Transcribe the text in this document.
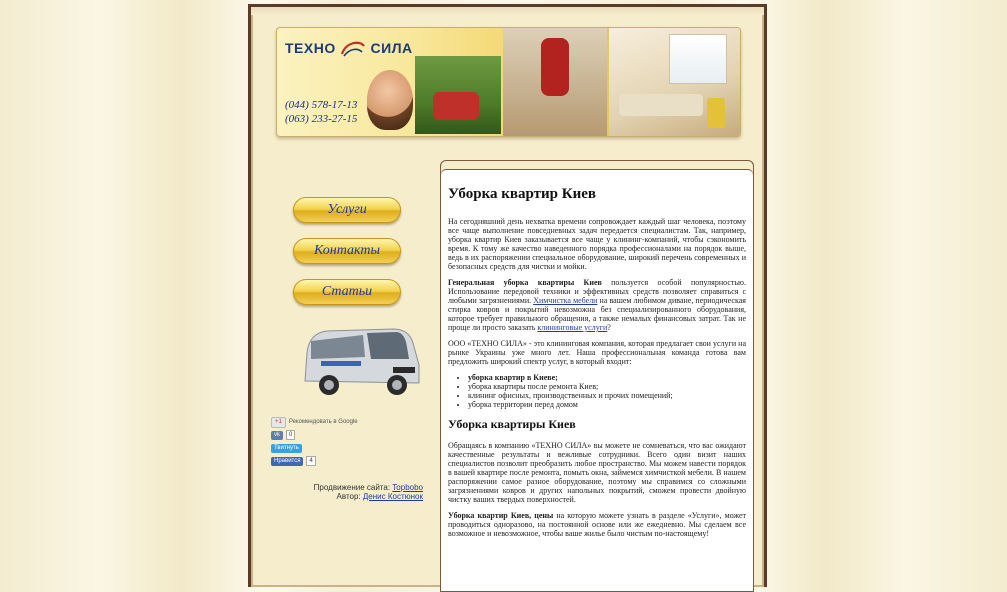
ТЕХНО СИЛА
(044) 578-17-13
(063) 233-27-15
Услуги
Контакты
Статьи
+1	Рекомендовать в Google
vk	0
Твитнуть
Нравится	4
Продвижение сайта: Topbobo
Автор: Денис Костюнок
Уборка квартир Киев

На сегодняшний день нехватка времени сопровождает каждый шаг человека, поэтому все чаще выполнение повседневных задач передается специалистам. Так, например, уборка квартир Киев заказывается все чаще у клининг-компаний, чтобы сэкономить время. К тому же качество наведенного порядка профессионалами на порядок выше, ведь в их распоряжении специальное оборудование, широкий перечень современных и безопасных средств для чистки и мойки.

Генеральная уборка квартиры Киев пользуется особой популярностью. Использование передовой техники и эффективных средств позволяет справиться с любыми загрязнениями. Химчистка мебели на вашем любимом диване, периодическая стирка ковров и покрытий невозможна без специализированного оборудования, которое требует правильного обращения, а также немалых финансовых затрат. Так не проще ли просто заказать клининговые услуги?

ООО «ТЕХНО СИЛА» - это клининговая компания, которая предлагает свои услуги на рынке Украины уже много лет. Наша профессиональная команда готова вам предложить широкий спектр услуг, в который входит:

• уборка квартир в Киеве;
• уборка квартиры после ремонта Киев;
• клининг офисных, производственных и прочих помещений;
• уборка территории перед домом
Уборка квартиры Киев

Обращаясь в компанию «ТЕХНО СИЛА» вы можете не сомневаться, что вас ожидают качественные результаты и вежливые сотрудники. Всего один визит наших специалистов позволит преобразить любое пространство. Мы можем навести порядок в вашей квартире после ремонта, помыть окна, займемся химчисткой мебели. В нашем распоряжении самое разное оборудование, поэтому мы справимся со сложными загрязнениями ковров и других напольных покрытий, сможем провести двойную чистку ваших твердых поверхностей.

Уборка квартир Киев, цены на которую можете узнать в разделе «Услуги», может проводиться одноразово, на постоянной основе или же ежедневно. Мы сделаем все возможное и невозможное, чтобы ваше жилье было чистым по-настоящему!
